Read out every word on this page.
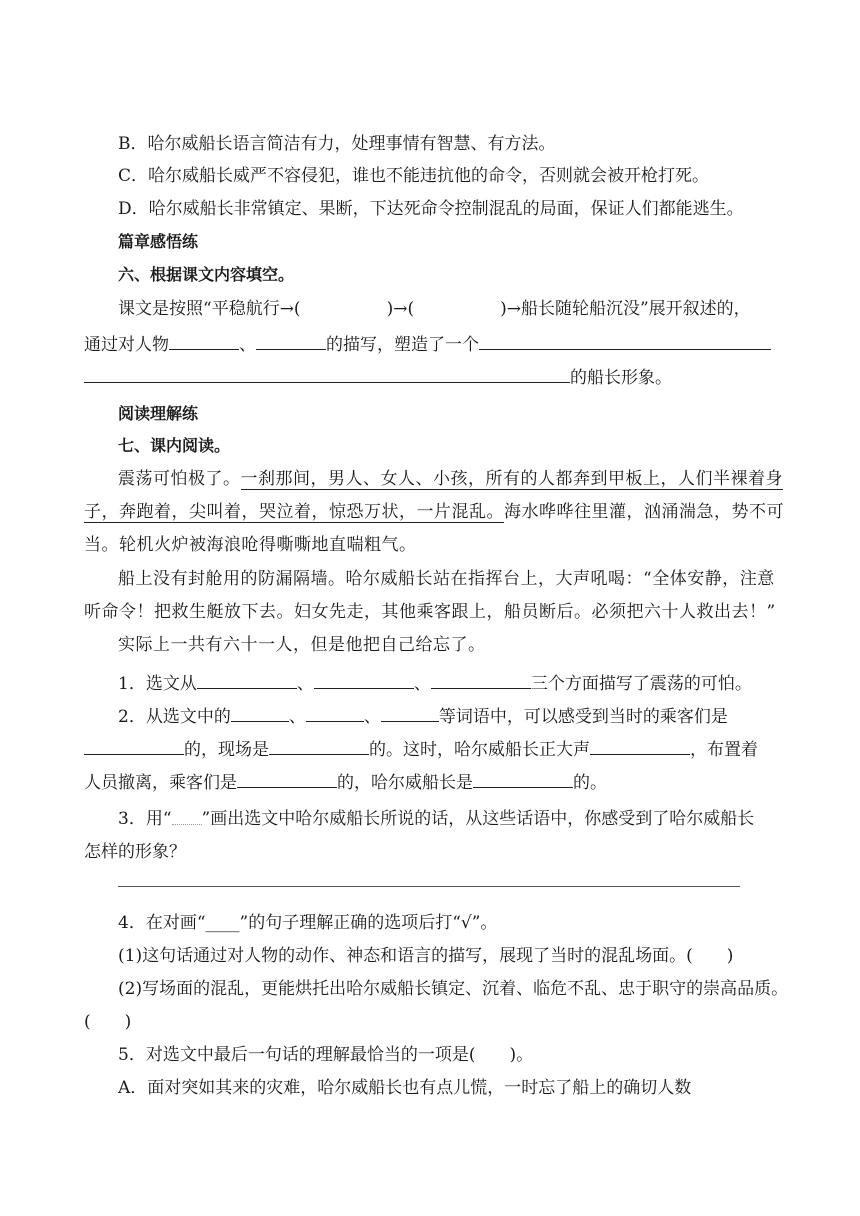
B．哈尔威船长语言简洁有力，处理事情有智慧、有方法。
C．哈尔威船长威严不容侵犯，谁也不能违抗他的命令，否则就会被开枪打死。
D．哈尔威船长非常镇定、果断，下达死命令控制混乱的局面，保证人们都能逃生。
篇章感悟练
六、根据课文内容填空。
课文是按照“平稳航行→(	)→(	)→船长随轮船沉没”展开叙述的，
通过对人物	、	的描写，塑造了一个
的船长形象。
阅读理解练
七、课内阅读。
震荡可怕极了。一刹那间，男人、女人、小孩，所有的人都奔到甲板上，人们半裸着身
子，奔跑着，尖叫着，哭泣着，惊恐万状，一片混乱。海水哗哗往里灌，汹涌湍急，势不可
当。轮机火炉被海浪呛得嘶嘶地直喘粗气。
船上没有封舱用的防漏隔墙。哈尔威船长站在指挥台上，大声吼喝：“全体安静，注意
听命令！把救生艇放下去。妇女先走，其他乘客跟上，船员断后。必须把六十人救出去！”
实际上一共有六十一人，但是他把自己给忘了。
1．选文从	、	、	三个方面描写了震荡的可怕。
2．从选文中的	、	、	等词语中，可以感受到当时的乘客们是
的，现场是	的。这时，哈尔威船长正大声	，布置着
人员撤离，乘客们是	的，哈尔威船长是	的。
3．用“ ”画出选文中哈尔威船长所说的话，从这些话语中，你感受到了哈尔威船长
怎样的形象？
4．在对画“____”的句子理解正确的选项后打“√”。
(1)这句话通过对人物的动作、神态和语言的描写，展现了当时的混乱场面。(　　)
(2)写场面的混乱，更能烘托出哈尔威船长镇定、沉着、临危不乱、忠于职守的崇高品质。
(　　)
5．对选文中最后一句话的理解最恰当的一项是(　　)。
A．面对突如其来的灾难，哈尔威船长也有点儿慌，一时忘了船上的确切人数
